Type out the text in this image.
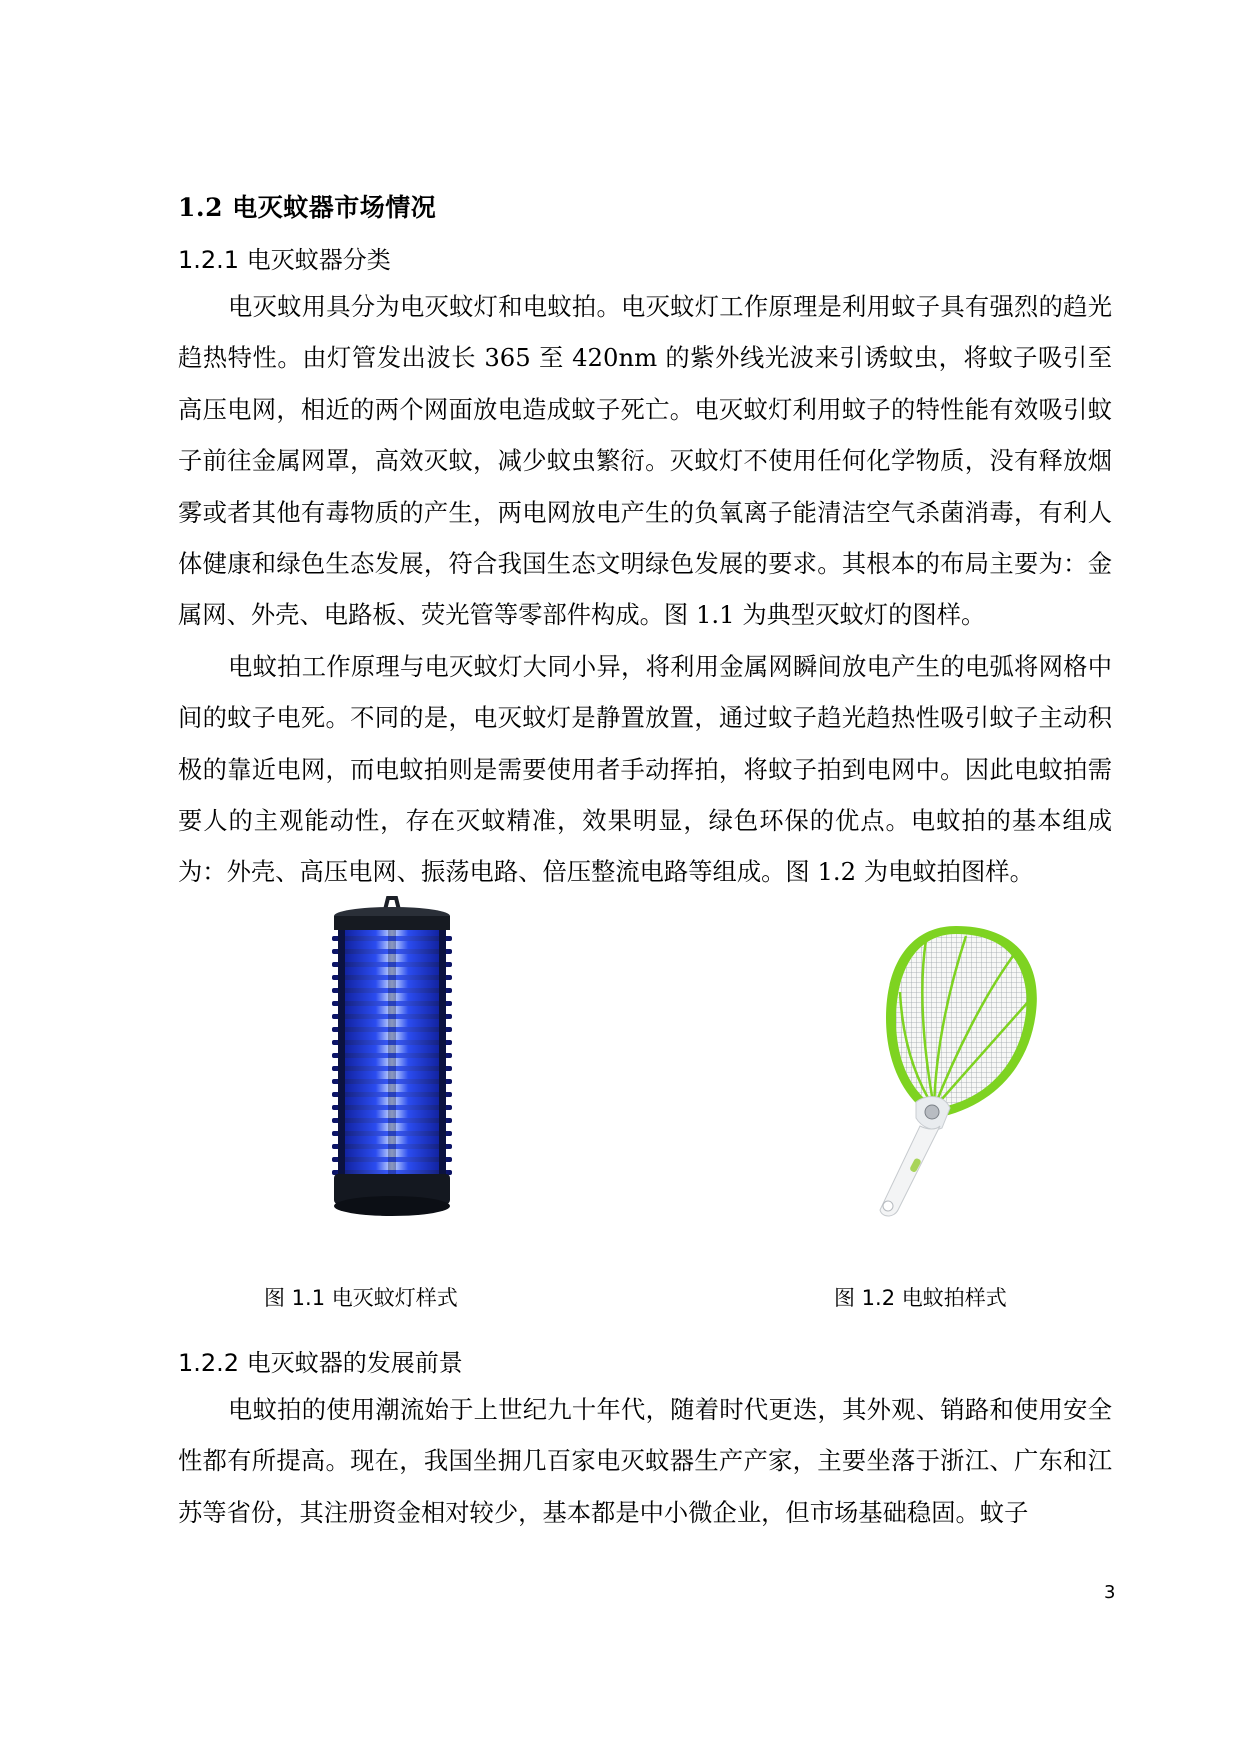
1.2 电灭蚊器市场情况
1.2.1 电灭蚊器分类

电灭蚊用具分为电灭蚊灯和电蚊拍。电灭蚊灯工作原理是利用蚊子具有强烈的趋光趋热特性。由灯管发出波长 365 至 420nm 的紫外线光波来引诱蚊虫，将蚊子吸引至高压电网，相近的两个网面放电造成蚊子死亡。电灭蚊灯利用蚊子的特性能有效吸引蚊子前往金属网罩，高效灭蚊，减少蚊虫繁衍。灭蚊灯不使用任何化学物质，没有释放烟雾或者其他有毒物质的产生，两电网放电产生的负氧离子能清洁空气杀菌消毒，有利人体健康和绿色生态发展，符合我国生态文明绿色发展的要求。其根本的布局主要为：金属网、外壳、电路板、荧光管等零部件构成。图 1.1 为典型灭蚊灯的图样。

电蚊拍工作原理与电灭蚊灯大同小异，将利用金属网瞬间放电产生的电弧将网格中间的蚊子电死。不同的是，电灭蚊灯是静置放置，通过蚊子趋光趋热性吸引蚊子主动积极的靠近电网，而电蚊拍则是需要使用者手动挥拍，将蚊子拍到电网中。因此电蚊拍需要人的主观能动性，存在灭蚊精准，效果明显，绿色环保的优点。电蚊拍的基本组成为：外壳、高压电网、振荡电路、倍压整流电路等组成。图 1.2 为电蚊拍图样。

图 1.1 电灭蚊灯样式	图 1.2 电蚊拍样式
1.2.2 电灭蚊器的发展前景

电蚊拍的使用潮流始于上世纪九十年代，随着时代更迭，其外观、销路和使用安全性都有所提高。现在，我国坐拥几百家电灭蚊器生产产家，主要坐落于浙江、广东和江苏等省份，其注册资金相对较少，基本都是中小微企业，但市场基础稳固。蚊子

3
